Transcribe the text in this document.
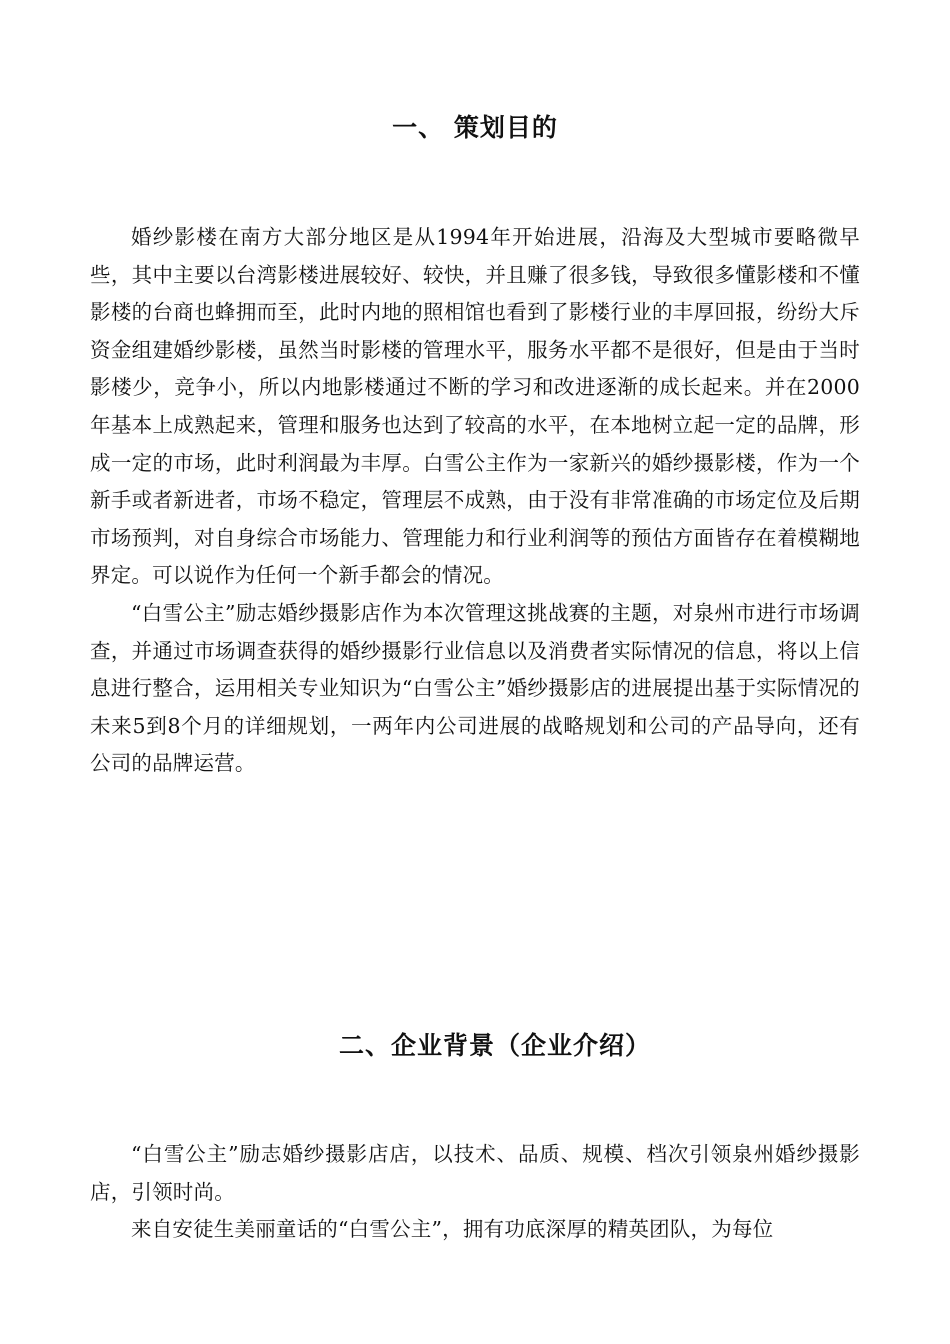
一、 策划目的

婚纱影楼在南方大部分地区是从1994年开始进展，沿海及大型城市要略微早些，其中主要以台湾影楼进展较好、较快，并且赚了很多钱，导致很多懂影楼和不懂影楼的台商也蜂拥而至，此时内地的照相馆也看到了影楼行业的丰厚回报，纷纷大斥资金组建婚纱影楼，虽然当时影楼的管理水平，服务水平都不是很好，但是由于当时影楼少，竞争小，所以内地影楼通过不断的学习和改进逐渐的成长起来。并在2000年基本上成熟起来，管理和服务也达到了较高的水平，在本地树立起一定的品牌，形成一定的市场，此时利润最为丰厚。白雪公主作为一家新兴的婚纱摄影楼，作为一个新手或者新进者，市场不稳定，管理层不成熟，由于没有非常准确的市场定位及后期市场预判，对自身综合市场能力、管理能力和行业利润等的预估方面皆存在着模糊地界定。可以说作为任何一个新手都会的情况。

“白雪公主”励志婚纱摄影店作为本次管理这挑战赛的主题，对泉州市进行市场调查，并通过市场调查获得的婚纱摄影行业信息以及消费者实际情况的信息，将以上信息进行整合，运用相关专业知识为“白雪公主”婚纱摄影店的进展提出基于实际情况的未来5到8个月的详细规划，一两年内公司进展的战略规划和公司的产品导向，还有公司的品牌运营。

二、企业背景（企业介绍）

“白雪公主”励志婚纱摄影店店，以技术、品质、规模、档次引领泉州婚纱摄影店，引领时尚。

来自安徒生美丽童话的“白雪公主”，拥有功底深厚的精英团队，为每位
